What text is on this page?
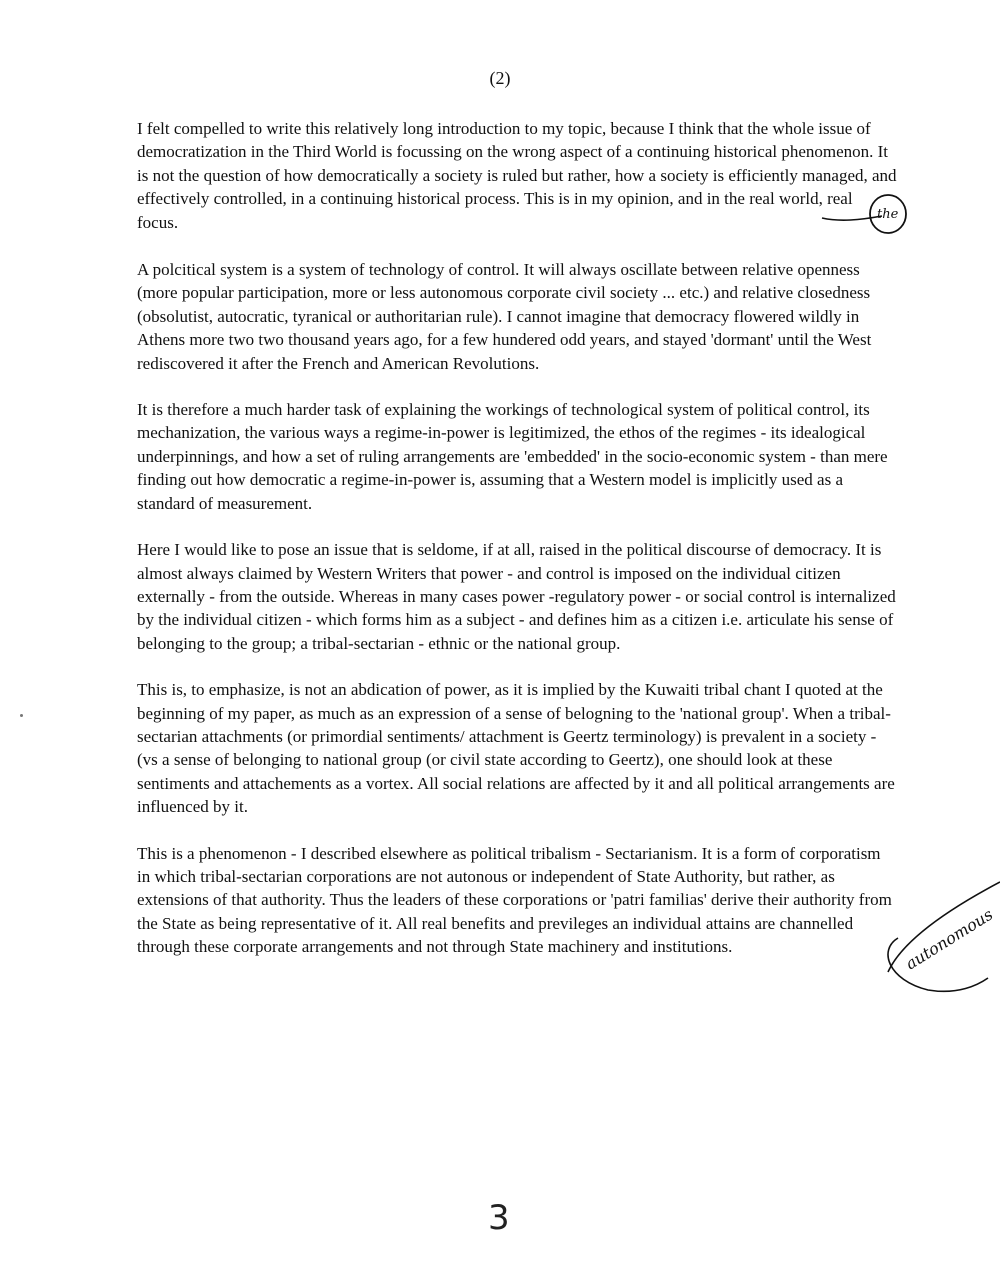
(2)

I felt compelled to write this relatively long introduction to my topic, because I think that the whole issue of democratization in the Third World is focussing on the wrong aspect of a continuing historical phenomenon. It is not the question of how democratically a society is ruled but rather, how a society is efficiently managed, and effectively controlled, in a continuing historical process. This is in my opinion, and in the real world, real focus.

A polcitical system is a system of technology of control. It will always oscillate between relative openness (more popular participation, more or less autonomous corporate civil society ... etc.) and relative closedness (obsolutist, autocratic, tyranical or authoritarian rule). I cannot imagine that democracy flowered wildly in Athens more two two thousand years ago, for a few hundered odd years, and stayed 'dormant' until the West rediscovered it after the French and American Revolutions.

It is therefore a much harder task of explaining the workings of technological system of political control, its mechanization, the various ways a regime-in-power is legitimized, the ethos of the regimes - its idealogical underpinnings, and how a set of ruling arrangements are 'embedded' in the socio-economic system - than mere finding out how democratic a regime-in-power is, assuming that a Western model is implicitly used as a standard of measurement.

Here I would like to pose an issue that is seldome, if at all, raised in the political discourse of democracy. It is almost always claimed by Western Writers that power - and control is imposed on the individual citizen externally - from the outside. Whereas in many cases power -regulatory power - or social control is internalized by the individual citizen - which forms him as a subject - and defines him as a citizen i.e. articulate his sense of belonging to the group; a tribal-sectarian - ethnic or the national group.

This is, to emphasize, is not an abdication of power, as it is implied by the Kuwaiti tribal chant I quoted at the beginning of my paper, as much as an expression of a sense of belogning to the 'national group'. When a tribal-sectarian attachments (or primordial sentiments/ attachment is Geertz terminology) is prevalent in a society - (vs a sense of belonging to national group (or civil state according to Geertz), one should look at these sentiments and attachements as a vortex. All social relations are affected by it and all political arrangements are influenced by it.

This is a phenomenon - I described elsewhere as political tribalism - Sectarianism. It is a form of corporatism in which tribal-sectarian corporations are not autonous or independent of State Authority, but rather, as extensions of that authority. Thus the leaders of these corporations or 'patri familias' derive their authority from the State as being representative of it. All real benefits and previleges an individual attains are channelled through these corporate arrangements and not through State machinery and institutions.

the
autonomous
3
